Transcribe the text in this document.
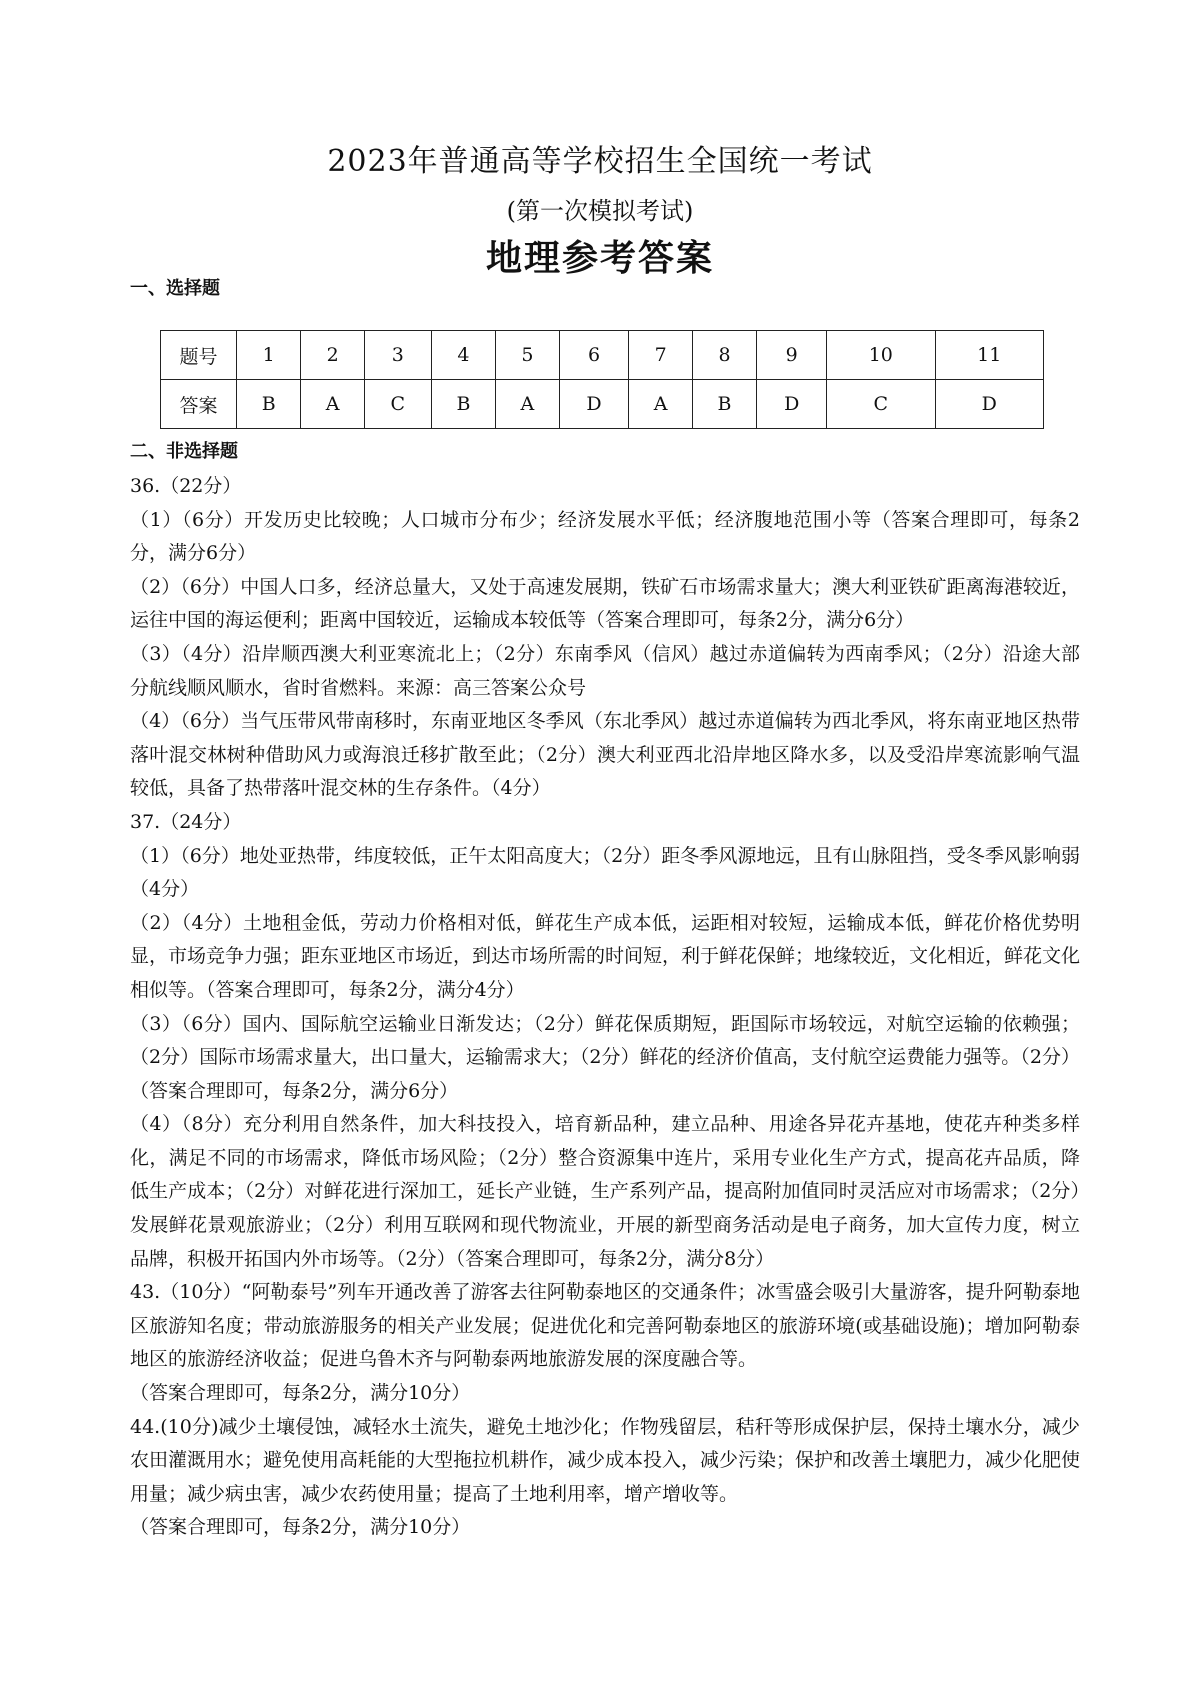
2023年普通高等学校招生全国统一考试
(第一次模拟考试)
地理参考答案
一、选择题
题号	1	2	3	4	5	6	7	8	9	10	11
答案	B	A	C	B	A	D	A	B	D	C	D
二、非选择题

36.（22分）

（1）（6分）开发历史比较晚；人口城市分布少；经济发展水平低；经济腹地范围小等（答案合理即可，每条2分，满分6分）

（2）（6分）中国人口多，经济总量大，又处于高速发展期，铁矿石市场需求量大；澳大利亚铁矿距离海港较近，运往中国的海运便利；距离中国较近，运输成本较低等（答案合理即可，每条2分，满分6分）

（3）（4分）沿岸顺西澳大利亚寒流北上；（2分）东南季风（信风）越过赤道偏转为西南季风；（2分）沿途大部分航线顺风顺水，省时省燃料。来源：高三答案公众号

（4）（6分）当气压带风带南移时，东南亚地区冬季风（东北季风）越过赤道偏转为西北季风，将东南亚地区热带落叶混交林树种借助风力或海浪迁移扩散至此；（2分）澳大利亚西北沿岸地区降水多，以及受沿岸寒流影响气温较低，具备了热带落叶混交林的生存条件。（4分）

37.（24分）

（1）（6分）地处亚热带，纬度较低，正午太阳高度大；（2分）距冬季风源地远，且有山脉阻挡，受冬季风影响弱（4分）

（2）（4分）土地租金低，劳动力价格相对低，鲜花生产成本低，运距相对较短，运输成本低，鲜花价格优势明显，市场竞争力强；距东亚地区市场近，到达市场所需的时间短，利于鲜花保鲜；地缘较近，文化相近，鲜花文化相似等。（答案合理即可，每条2分，满分4分）

（3）（6分）国内、国际航空运输业日渐发达；（2分）鲜花保质期短，距国际市场较远，对航空运输的依赖强；（2分）国际市场需求量大，出口量大，运输需求大；（2分）鲜花的经济价值高，支付航空运费能力强等。（2分）（答案合理即可，每条2分，满分6分）

（4）（8分）充分利用自然条件，加大科技投入，培育新品种，建立品种、用途各异花卉基地，使花卉种类多样化，满足不同的市场需求，降低市场风险；（2分）整合资源集中连片，采用专业化生产方式，提高花卉品质，降低生产成本；（2分）对鲜花进行深加工，延长产业链，生产系列产品，提高附加值同时灵活应对市场需求；（2分）发展鲜花景观旅游业；（2分）利用互联网和现代物流业，开展的新型商务活动是电子商务，加大宣传力度，树立品牌，积极开拓国内外市场等。（2分）（答案合理即可，每条2分，满分8分）

43.（10分）“阿勒泰号”列车开通改善了游客去往阿勒泰地区的交通条件；冰雪盛会吸引大量游客，提升阿勒泰地区旅游知名度；带动旅游服务的相关产业发展；促进优化和完善阿勒泰地区的旅游环境(或基础设施)；增加阿勒泰地区的旅游经济收益；促进乌鲁木齐与阿勒泰两地旅游发展的深度融合等。

（答案合理即可，每条2分，满分10分）

44.(10分)减少土壤侵蚀，减轻水土流失，避免土地沙化；作物残留层，秸秆等形成保护层，保持土壤水分，减少农田灌溉用水；避免使用高耗能的大型拖拉机耕作，减少成本投入，减少污染；保护和改善土壤肥力，减少化肥使用量；减少病虫害，减少农药使用量；提高了土地利用率，增产增收等。

（答案合理即可，每条2分，满分10分）
